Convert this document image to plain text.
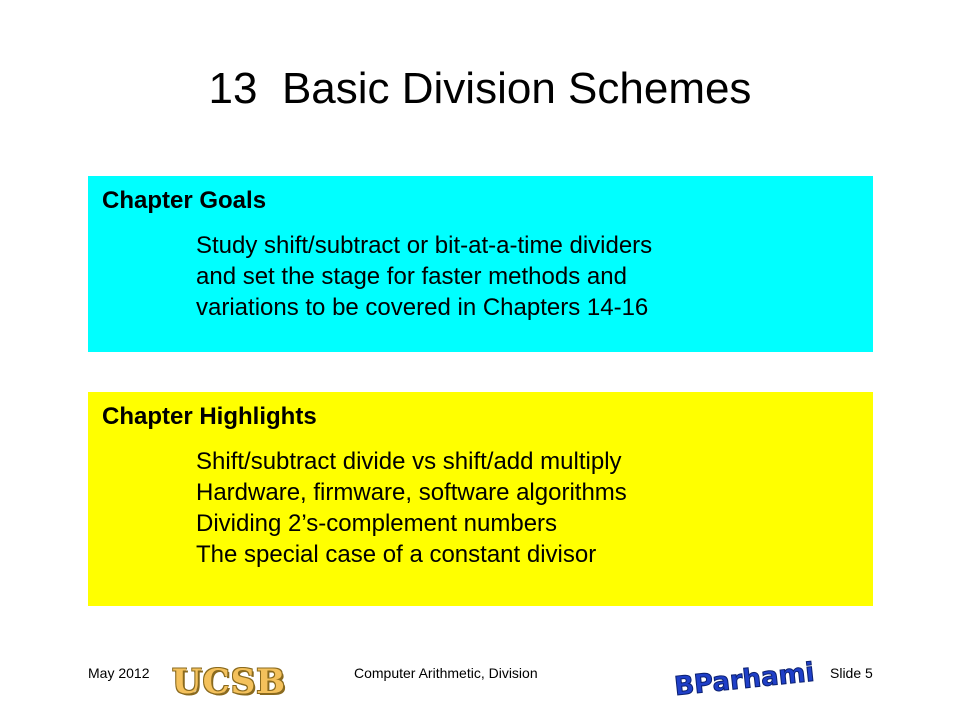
13  Basic Division Schemes
Chapter Goals
Study shift/subtract or bit-at-a-time dividers
and set the stage for faster methods and
variations to be covered in Chapters 14-16
Chapter Highlights
Shift/subtract divide vs shift/add multiply
Hardware, firmware, software algorithms
Dividing 2’s-complement numbers
The special case of a constant divisor
May 2012 UCSB	Computer Arithmetic, Division	BParhami Slide 5
